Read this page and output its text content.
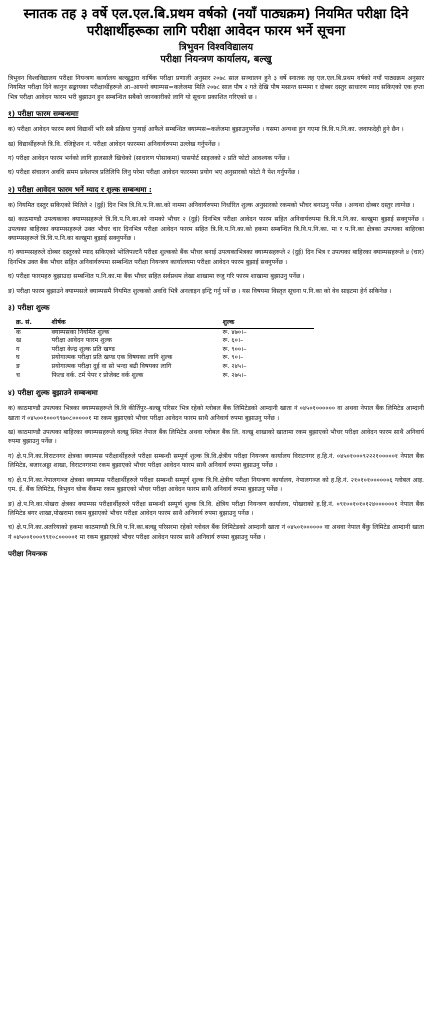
स्नातक तह ३ वर्षे एल.एल.बि.प्रथम वर्षको (नयाँ पाठ्यक्रम) नियमित परीक्षा दिने परीक्षार्थीहरूका लागि परीक्षा आवेदन फारम भर्ने सूचना

त्रिभुवन विश्वविद्यालय

परीक्षा नियन्त्रण कार्यालय, बल्खु

त्रिभुवन विश्वविद्यालय परीक्षा नियन्त्रण कार्यालय बल्खुद्वारा वार्षिक परीक्षा प्रणाली अनुसार २०७८ साल सञ्चालन हुने ३ वर्षे स्नातक तह एल.एल.बि.प्रथम वर्षको नयाँ पाठ्यक्रम अनुसार नियमित परीक्षा दिने कानुन सङ्कायका परीक्षार्थीहरूले आ–आफ्नो क्याम्पस=कलेजमा मिति २०७८ साल पौष २ गते देखि पौष मसान्त सम्ममा र दोब्बर दस्तुर साधारण म्याद सकिएको एक हप्ता भित्र परीक्षा आवेदन फारम भरी बुझाउन हुन सम्बन्धित सबैको जानकारीको लागि यो सूचना प्रकाशित गरिएको छ ।

१) परीक्षा फारम सम्बन्धमाः

क) परीक्षा आवेदन फारम स्वयं विद्यार्थी भरि सबै प्रक्रिया पुर्‍याई आफैले सम्बन्धित क्याम्पस=कलेजमा बुझाउनुपर्नेछ । यसमा अन्यथा हुन गएमा त्रि.वि.प.नि.का. जवाफदेही हुने छैन ।

ख) विद्यार्थीहरूले त्रि.वि. रजिष्ट्रेशन नं. परीक्षा आवेदन फारममा अनिवार्यरुपमा उल्लेख गर्नुपर्नेछ ।

ग) परीक्षा आवेदन फारम भर्नको लागि हालसालै खिचेको (साधारण पोसाकमा) पासपोर्ट साइजको २ प्रति फोटो आवश्यक पर्नेछ ।

घ) परीक्षा संचालन अवधि समम प्रवेशपत्र प्रतिलिपि लिनु परेमा परीक्षा आवेदन फारममा प्रयोग भए अनुसारको फोटो नै पेश गर्नुपर्नेछ ।

२) परीक्षा आवेदन फारम भर्ने म्याद र शुल्क सम्बन्धमा :

क) नियमित दस्तुर सकिएको मितिले २ (दुई) दिन भित्र त्रि.वि.प.नि.का.को नाममा अनिवार्यरुपमा निर्धारित शुल्क अनुसारको रकमको भौचर बनाउनु पर्नेछ । अन्यथा दोब्बर दस्तुर लाग्नेछ ।

ख) काठमाण्डौ उपत्यकाका क्याम्पसहरूले त्रि.वि.प.नि.का.को नामको भौचर २ (दुई) दिनभित्र परीक्षा आवेदन फारम सहित अनिवार्यरुपमा त्रि.वि.प.नि.का. बल्खुमा बुझाई सक्नुपर्नेछ । उपत्यका बाहिरका क्याम्पसहरूले उक्त भौचर चार दिनभित्र परीक्षा आवेदन फारम सहित त्रि.वि.प.नि.का.को हकमा सम्बन्धित त्रि.वि.प.नि.का. मा र प.नि.का क्षेत्रका उपत्यका बाहिरका क्याम्पसहरूले त्रि.वि.प.नि.का बल्खुमा बुझाई सक्नुपर्नेछ ।

ग) क्याम्पसहरुले दोब्बर दस्तुरको म्याद सकिएको भोलिपल्टनै परीक्षा शुल्कको बैंक भौचर बनाई उपत्यकाभित्रका क्याम्पसहरूले २ (दुई) दिन भित्र र उपत्यका बाहिरका क्याम्पसहरूले ४ (चार) दिनभित्र उक्त बैंक भौचर सहित अनिवार्यरुपमा सम्बन्धित परीक्षा नियन्त्रण कार्यालयमा परीक्षा आवेदन फारम बुझाई सक्नुपर्नेछ ।

घ) परीक्षा फारमहरु बुझाउदा सम्बन्धित प.नि.का.मा बैंक भौचर सहित सर्वप्रथम लेखा शाखामा रुजु गरि फारम शाखामा बुझाउनु पर्नेछ ।

ङ) परीक्षा फारम बुझाउने क्याम्पसले क्याम्पसमै नियमित शुल्कको अवधि भित्रै अनलाइन इन्ट्रि गर्नु पर्ने छ । यस विषयमा विस्तृत सूचना प.नि.का को वेव साइटमा हेर्न सकिनेछ ।

३) परीक्षा शुल्क
क्र. सं.	शीर्षक	शुल्क
क	क्याम्पसका नियमित शुल्क	रू. ४७०।–
ख	परीक्षा आवेदन फारम शुल्क	रू. ६०।–
ग	परीक्षा केन्द्र शुल्क प्रति खण्ड	रू. ९००।–
घ	प्रयोगात्मक परीक्षा प्रति खण्ड एक विषयका लागि शुल्क	रू. ९०।–
ङ	प्रयोगात्मक परीक्षा दुई वा सो भन्दा बढी विषयका लागि	रू. २४५।–
च	फिल्ड वर्क. टर्म पेपर र प्रोजेक्ट वर्क शुल्क	रू. २७५।–
४) परीक्षा शुल्क बुझाउने सम्बन्धमा

क) काठमाण्डौ उपत्यका भित्रका क्याम्पसहरूले त्रि.वि कीर्तिपुर–बल्खु परिसर भित्र रहेको ग्लोबल बैंक लिमिटेडको आम्दानी खाता नं ०४५०१०००००० वा अथवा नेपाल बैंक लिमिटेड आम्दानी खाता नं ०४५००१०००९९७०८०००००१ मा रकम बुझाएको भौचर परीक्षा आवेदन फारम साथै अनिवार्य रुपमा बुझाउनु पर्नेछ ।

ख) काठमाण्डौ उपत्यका बाहिरका क्याम्पसहरूले वल्खु स्थित नेपाल बैंक लिमिटेड अथवा ग्लोबल बैंक लि. वल्खु शाखाको खातामा रकम बुझाएको भौचर परीक्षा आवेदन फारम साथै अनिवार्य रुपमा बुझाउनु पर्नेछ ।

ग) क्षे.प.नि.का.विराटनगर क्षेत्रका क्याम्पस परीक्षार्थीहरुले परीक्षा सम्बन्धी सम्पूर्ण शुल्क त्रि.वि.क्षेत्रीय परीक्षा नियन्त्रण कार्यालय विराटनगर ह.हि.नं. ०४५०१०००९२२२१०००००१ नेपाल बैंक लिमिटेड, बजारअड्डा शाखा, विराटनगरमा रकम बुझाएको भौचर परीक्षा आवेदन फारम साथै अनिवार्य रुपमा बुझाउनु पर्नेछ ।

घ) क्षे.प.नि.का.नेपालगञ्ज क्षेत्रका क्याम्पस परीक्षार्थीहरुले परीक्षा सम्बन्धी सम्पूर्ण शुल्क त्रि.वि.क्षेत्रीय परीक्षा नियन्त्रण कार्यालय, नेपालगञ्ज को ह.हि.नं. २१०१०१००००००६ ग्लोबल आइ. एम. ई. बैंक लिमिटेड, त्रिभुवन चोक बैंकमा रकम बुझाएको भौचर परीक्षा आवेदन फारम साथै अनिवार्य रुपमा बुझाउनु पर्नेछ ।

ङ) क्षे.प.नि.का.पोखरा क्षेत्रका क्याम्पस परीक्षार्थीहरुले परीक्षा सम्बन्धी सम्पूर्ण शुल्क त्रि.वि. क्षेत्रिय परीक्षा नियन्त्रण कार्यालय, पोखराको ह.हि.नं. ०९१००१०१०१२४००००००१ नेपाल बैंक लिमिटेड बगर शाखा,पोखरामा रकम बुझाएको भौचर परीक्षा आवेदन फारम साथै अनिवार्य रुपमा बुझाउनु पर्नेछ ।

च) क्षे.प.नि.का.अतरियाको हकमा काठमाण्डौ त्रि.वि प.नि.का.बल्खु परिसरमा रहेको ग्लोवल बैंक लिमिटेडको आम्दानी खाता नं ०४५०१०००००० वा अथवा नेपाल बैंकु लिमिटेड आम्दानी खाता नं ०४५००१०००९९१०८०००००१ मा रकम बुझाएको भौचर परीक्षा आवेदन फारम साथै अनिवार्य रुपमा बुझाउनु पर्नेछ ।

परीक्षा नियन्त्रक
